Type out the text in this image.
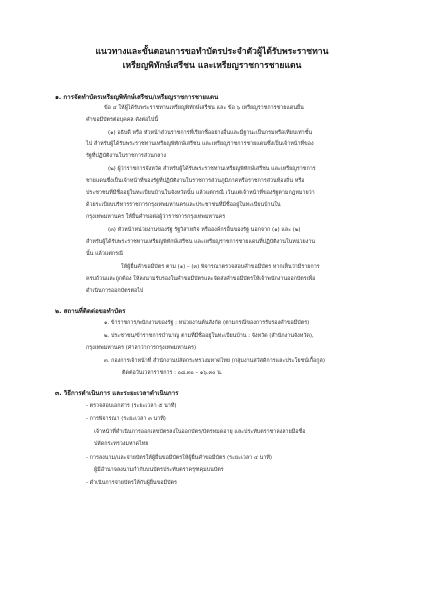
แนวทางและขั้นตอนการขอทำบัตรประจำตัวผู้ได้รับพระราชทาน
เหรียญพิทักษ์เสรีชน และเหรียญราชการชายแดน
๑. การจัดทำบัตรเหรียญพิทักษ์เสรีชน/เหรียญราชการชายแดน
ข้อ ๔ ให้ผู้ได้รับพระราชทานเหรียญพิทักษ์เสรีชน และ ข้อ ๖ เหรียญราชการชายแดนยื่น
คำขอมีบัตรต่อบุคคล ดังต่อไปนี้
(๑) อธิบดี หรือ หัวหน้าส่วนราชการที่เรียกชื่ออย่างอื่นและมีฐานะเป็นกรมหรือเทียบเท่าชั้น
ไป สำหรับผู้ได้รับพระราชทานเหรียญพิทักษ์เสรีชน และเหรียญราชการชายแดนซึ่งเป็นเจ้าหน้าที่ของ
รัฐที่ปฏิบัติงานในราชการส่วนกลาง
(๒) ผู้ว่าราชการจังหวัด สำหรับผู้ได้รับพระราชทานเหรียญพิทักษ์เสรีชน และเหรียญราชการ
ชายแดนซึ่งเป็นเจ้าหน้าที่ของรัฐที่ปฏิบัติงานในราชการส่วนภูมิภาคหรือราชการส่วนท้องถิ่น หรือ
ประชาชนที่มีชื่ออยู่ในทะเบียนบ้านในจังหวัดนั้น แล้วแต่กรณี เว้นแต่เจ้าหน้าที่ของรัฐตามกฎหมายว่า
ด้วยระเบียบบริหารราชการกรุงเทพมหานครและประชาชนที่มีชื่ออยู่ในทะเบียนบ้านใน
กรุงเทพมหานคร ให้ยื่นคำขอต่อผู้ว่าราชการกรุงเทพมหานคร
(๓) หัวหน้าหน่วยงานของรัฐ รัฐวิสาหกิจ หรือองค์กรอื่นของรัฐ นอกจาก (๑) และ (๒)
สำหรับผู้ได้รับพระราชทานเหรียญพิทักษ์เสรีชน และเหรียญราชการชายแดนที่ปฏิบัติงานในหน่วยงาน
นั้น แล้วแต่กรณี
ให้ผู้ยื่นคำขอมีบัตร ตาม (๑) – (๓) พิจารณาตรวจสอบคำขอมีบัตร หากเห็นว่ามีรายการ
ครบถ้วนและถูกต้อง ให้ลงนามรับรองในคำขอมีบัตรและจัดส่งคำขอมีบัตรให้เจ้าพนักงานออกบัตรเพื่อ
ดำเนินการออกบัตรต่อไป
๒. สถานที่ติดต่อขอทำบัตร
๑. ข้าราชการ/พนักงานของรัฐ : หน่วยงานต้นสังกัด (ตามกรณีของการรับรองคำขอมีบัตร)
๒. ประชาชน/ข้าราชการบำนาญ ตามที่มีชื่ออยู่ในทะเบียนบ้าน : จังหวัด (สำนักงานจังหวัด),
กรุงเทพมหานคร (ศาลาว่าการกรุงเทพมหานคร)
๓. กองการเจ้าหน้าที่ สำนักงานปลัดกระทรวงมหาดไทย (กลุ่มงานสวัสดิการและประโยชน์เกื้อกูล)
ติดต่อวันเวลาราชการ : ๐๘.๓๐ – ๑๖.๓๐ น.
๓. วิธีการดำเนินการ และระยะเวลาดำเนินการ
- ตรวจสอบเอกสาร (ระยะเวลา ๕ นาที)
- การพิจารณา (ระยะเวลา ๓ นาที)
เจ้าหน้าที่ดำเนินการออกเลขบัตรลงในออกบัตร/บัตรหมดอายุ และประทับตราชาลงลายมือชื่อ
ปลัดกระทรวงมหาดไทย
- การลงนาม/และจ่ายบัตรให้ผู้ยื่นขอมีบัตรให้ผู้ยื่นคำขอมีบัตร (ระยะเวลา ๔ นาที)
ผู้มีอำนาจลงนามกำกับบนบัตรประทับตราครุฑคุมบนบัตร
- ดำเนินการจ่ายบัตรให้กับผู้ยื่นขอมีบัตร
